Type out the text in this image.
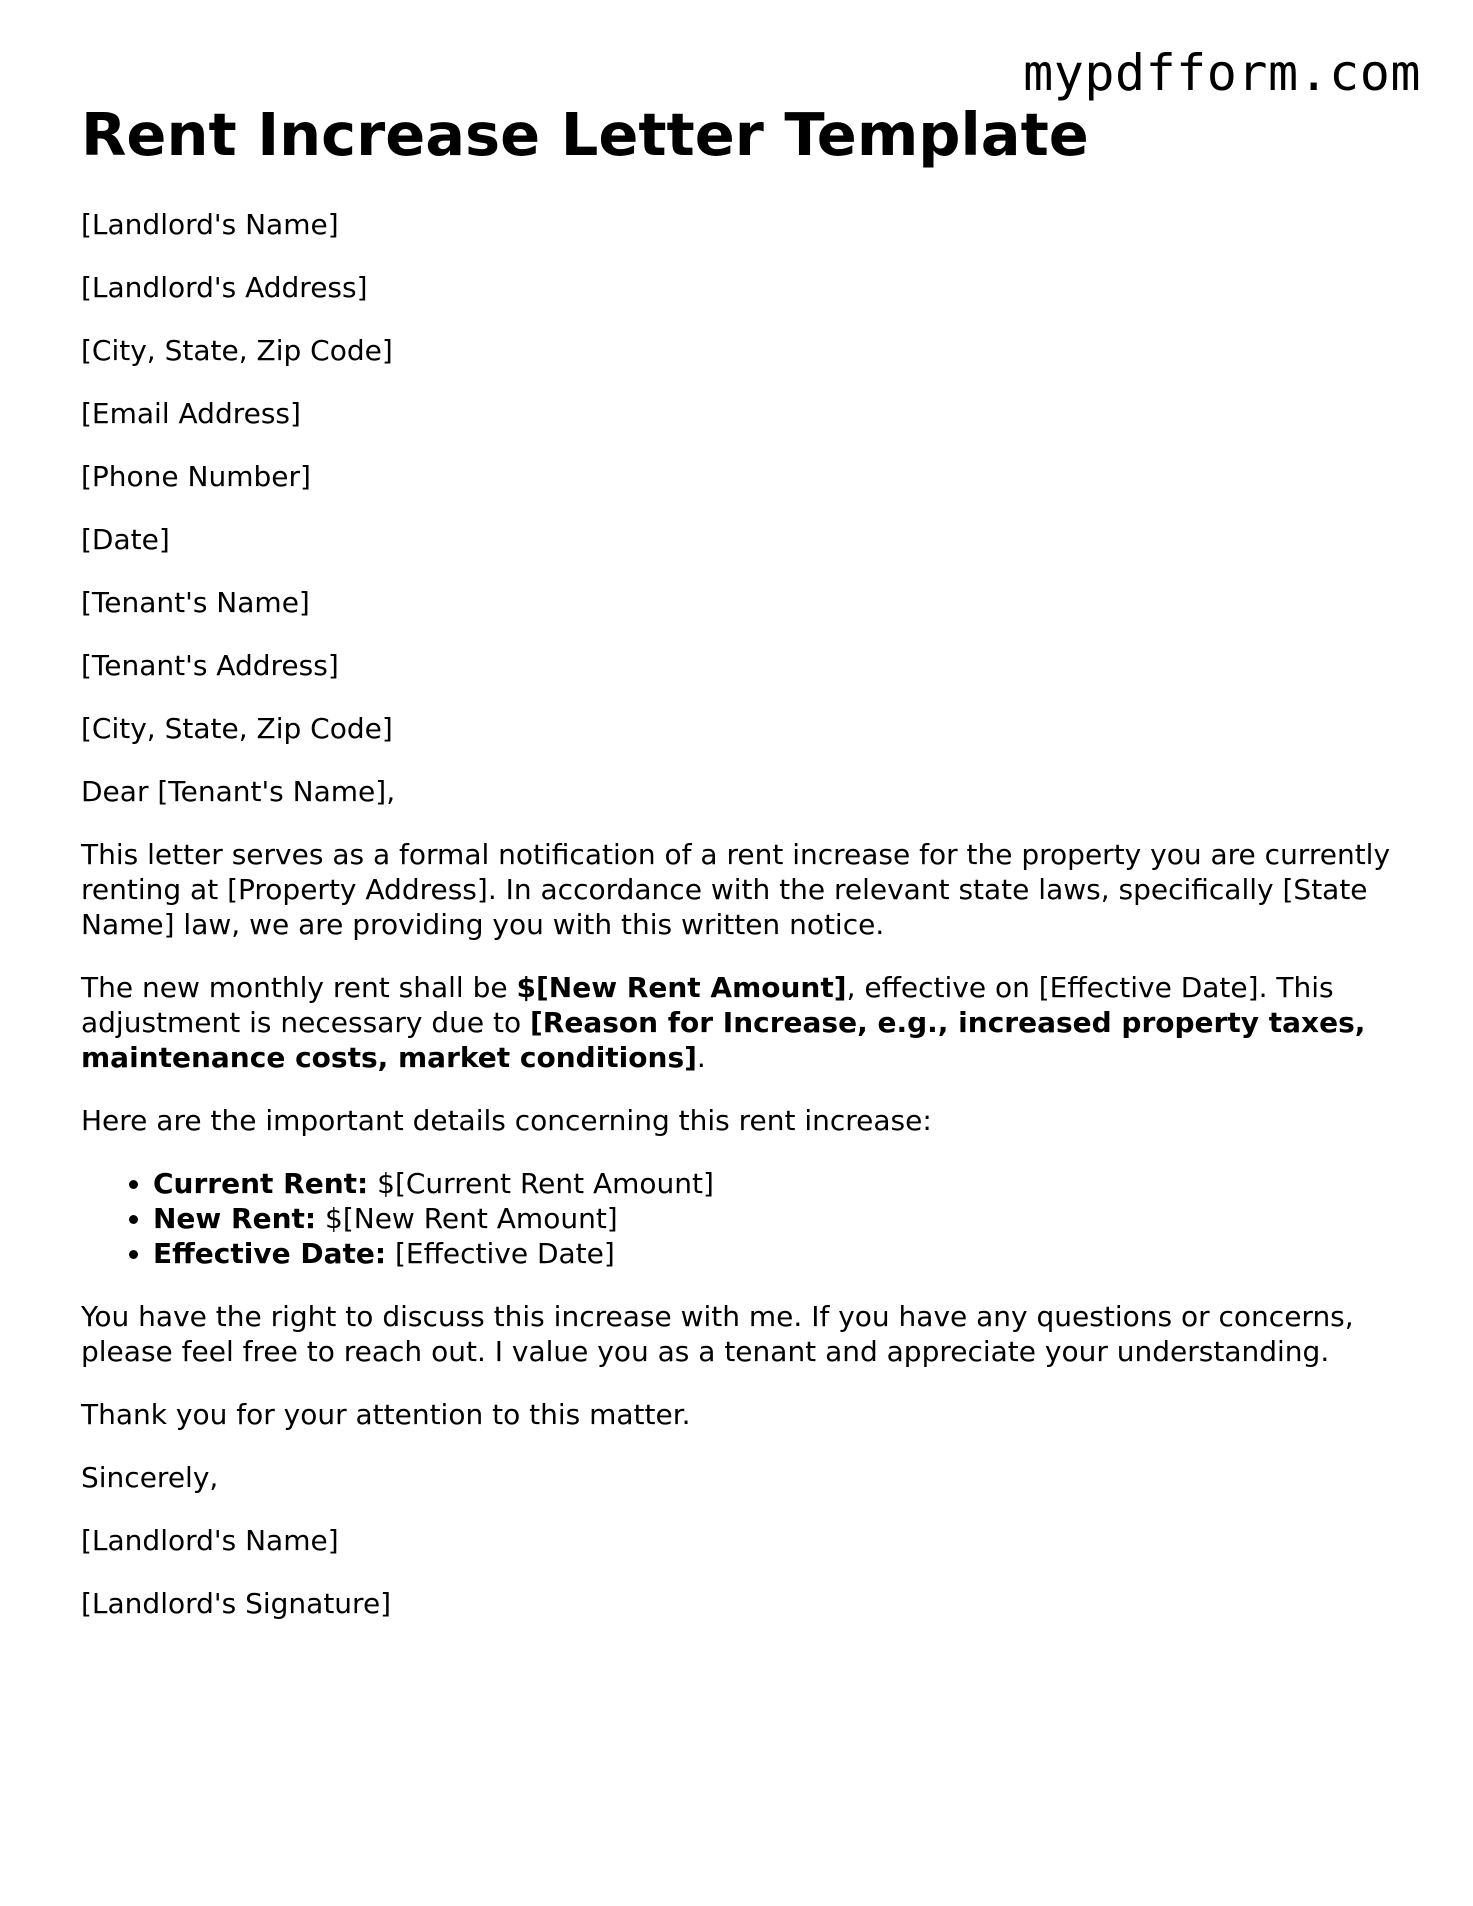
mypdfform.com
Rent Increase Letter Template

[Landlord's Name]

[Landlord's Address]

[City, State, Zip Code]

[Email Address]

[Phone Number]

[Date]

[Tenant's Name]

[Tenant's Address]

[City, State, Zip Code]

Dear [Tenant's Name],

This letter serves as a formal notification of a rent increase for the property you are currently renting at [Property Address]. In accordance with the relevant state laws, specifically [State Name] law, we are providing you with this written notice.

The new monthly rent shall be $[New Rent Amount], effective on [Effective Date]. This adjustment is necessary due to [Reason for Increase, e.g., increased property taxes, maintenance costs, market conditions].

Here are the important details concerning this rent increase:

• Current Rent: $[Current Rent Amount]
• New Rent: $[New Rent Amount]
• Effective Date: [Effective Date]

You have the right to discuss this increase with me. If you have any questions or concerns, please feel free to reach out. I value you as a tenant and appreciate your understanding.

Thank you for your attention to this matter.

Sincerely,

[Landlord's Name]

[Landlord's Signature]
